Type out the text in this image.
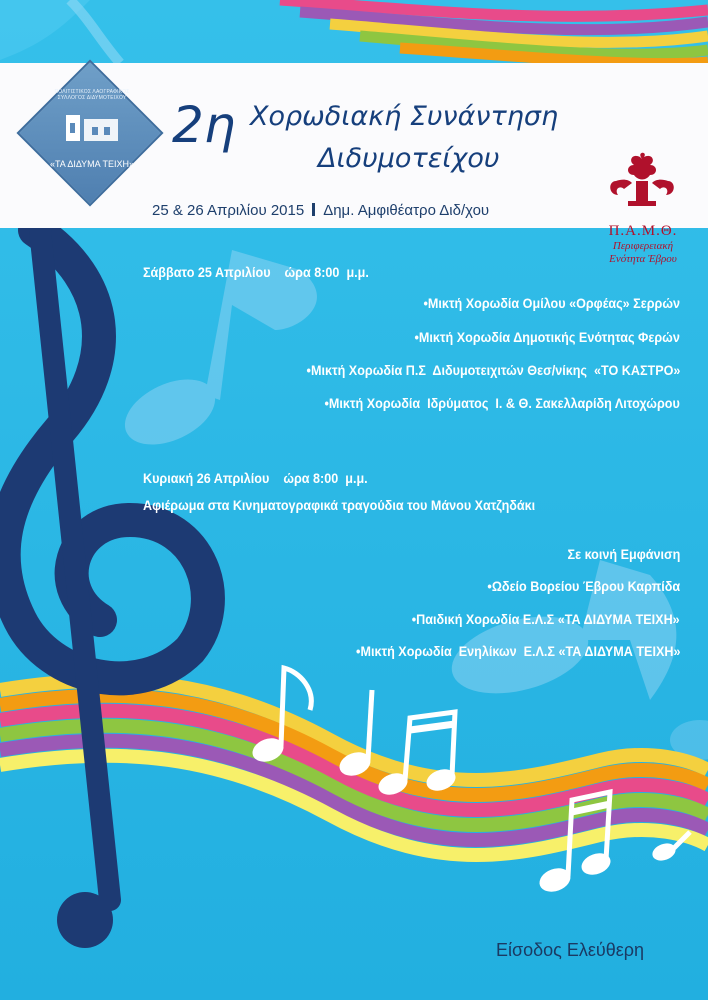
ΠΟΛΙΤΙΣΤΙΚΟΣ ΛΑΟΓΡΑΦΙΚΟΣ ΣΥΛΛΟΓΟΣ ΔΙΔΥΜΟΤΕΙΧΟΥ
«ΤΑ ΔΙΔΥΜΑ ΤΕΙΧΗ»
Π.Α.Μ.Θ.
Περιφερειακή
Ενότητα Έβρου
2η Χορωδιακή Συνάντηση
Διδυμοτείχου
25 & 26 Απριλίου 2015 Δημ. Αμφιθέατρο Διδ/χου
Σάββατο 25 Απριλίου    ώρα 8:00  μ.μ.
• Μικτή Χορωδία Ομίλου «Ορφέας» Σερρών
• Μικτή Χορωδία Δημοτικής Ενότητας Φερών
• Μικτή Χορωδία Π.Σ  Διδυμοτειχιτών Θεσ/νίκης  «ΤΟ ΚΑΣΤΡΟ»
• Μικτή Χορωδία  Ιδρύματος  Ι. & Θ. Σακελλαρίδη Λιτοχώρου
Κυριακή 26 Απριλίου    ώρα 8:00  μ.μ.
Αφιέρωμα στα Κινηματογραφικά τραγούδια του Μάνου Χατζηδάκι
Σε κοινή Εμφάνιση
• Ωδείο Βορείου Έβρου Καρπίδα
• Παιδική Χορωδία Ε.Λ.Σ «ΤΑ ΔΙΔΥΜΑ ΤΕΙΧΗ»
• Μικτή Χορωδία  Ενηλίκων  Ε.Λ.Σ «ΤΑ ΔΙΔΥΜΑ ΤΕΙΧΗ»
Είσοδος Ελεύθερη
